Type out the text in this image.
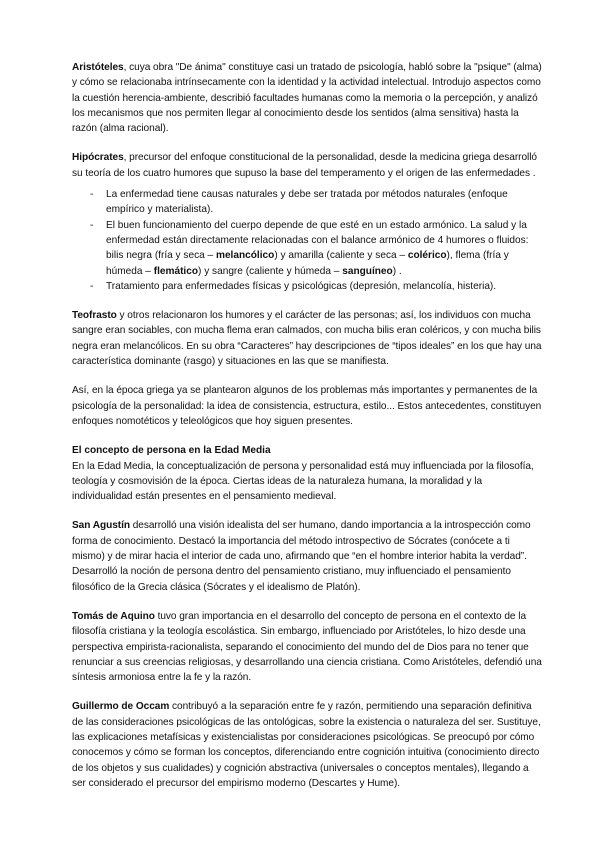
Aristóteles, cuya obra "De ánima" constituye casi un tratado de psicología, habló sobre la "psique" (alma) y cómo se relacionaba intrínsecamente con la identidad y la actividad intelectual. Introdujo aspectos como la cuestión herencia-ambiente, describió facultades humanas como la memoria o la percepción, y analizó los mecanismos que nos permiten llegar al conocimiento desde los sentidos (alma sensitiva) hasta la razón (alma racional).

Hipócrates, precursor del enfoque constitucional de la personalidad, desde la medicina griega desarrolló su teoría de los cuatro humores que supuso la base del temperamento y el origen de las enfermedades .

- La enfermedad tiene causas naturales y debe ser tratada por métodos naturales (enfoque empírico y materialista).
- El buen funcionamiento del cuerpo depende de que esté en un estado armónico. La salud y la enfermedad están directamente relacionadas con el balance armónico de 4 humores o fluidos: bilis negra (fría y seca – melancólico) y amarilla (caliente y seca – colérico), flema (fría y húmeda – flemático) y sangre (caliente y húmeda – sanguíneo) .
- Tratamiento para enfermedades físicas y psicológicas (depresión, melancolía, histeria).

Teofrasto y otros relacionaron los humores y el carácter de las personas; así, los individuos con mucha sangre eran sociables, con mucha flema eran calmados, con mucha bilis eran coléricos, y con mucha bilis negra eran melancólicos. En su obra “Caracteres” hay descripciones de “tipos ideales” en los que hay una característica dominante (rasgo) y situaciones en las que se manifiesta.

Así, en la época griega ya se plantearon algunos de los problemas más importantes y permanentes de la psicología de la personalidad: la idea de consistencia, estructura, estilo... Estos antecedentes, constituyen enfoques nomotéticos y teleológicos que hoy siguen presentes.

El concepto de persona en la Edad Media

En la Edad Media, la conceptualización de persona y personalidad está muy influenciada por la filosofía, teología y cosmovisión de la época. Ciertas ideas de la naturaleza humana, la moralidad y la individualidad están presentes en el pensamiento medieval.

San Agustín desarrolló una visión idealista del ser humano, dando importancia a la introspección como forma de conocimiento. Destacó la importancia del método introspectivo de Sócrates (conócete a ti mismo) y de mirar hacia el interior de cada uno, afirmando que “en el hombre interior habita la verdad”. Desarrolló la noción de persona dentro del pensamiento cristiano, muy influenciado el pensamiento filosófico de la Grecia clásica (Sócrates y el idealismo de Platón).

Tomás de Aquino tuvo gran importancia en el desarrollo del concepto de persona en el contexto de la filosofía cristiana y la teología escolástica. Sin embargo, influenciado por Aristóteles, lo hizo desde una perspectiva empirista-racionalista, separando el conocimiento del mundo del de Dios para no tener que renunciar a sus creencias religiosas, y desarrollando una ciencia cristiana. Como Aristóteles, defendió una síntesis armoniosa entre la fe y la razón.

Guillermo de Occam contribuyó a la separación entre fe y razón, permitiendo una separación definitiva de las consideraciones psicológicas de las ontológicas, sobre la existencia o naturaleza del ser. Sustituye, las explicaciones metafísicas y existencialistas por consideraciones psicológicas. Se preocupó por cómo conocemos y cómo se forman los conceptos, diferenciando entre cognición intuitiva (conocimiento directo de los objetos y sus cualidades) y cognición abstractiva (universales o conceptos mentales), llegando a ser considerado el precursor del empirismo moderno (Descartes y Hume).
